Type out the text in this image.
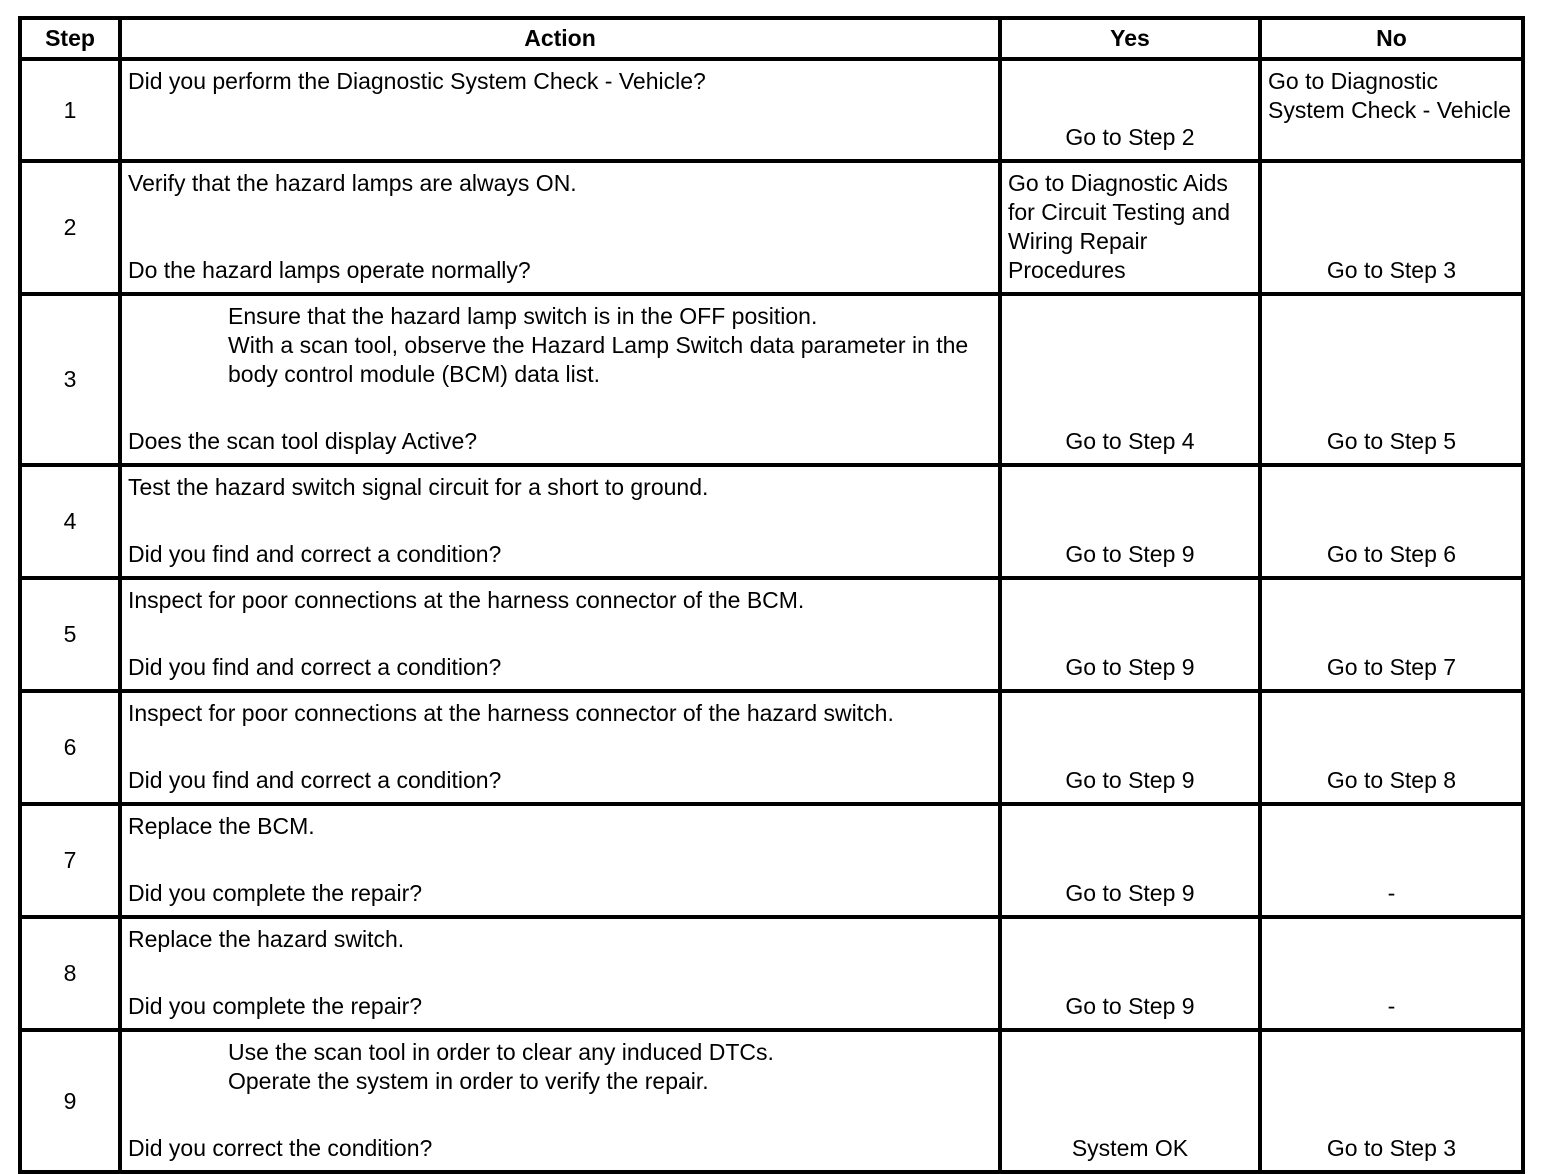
Step	Action	Yes	No
1	Did you perform the Diagnostic System Check - Vehicle?	Go to Step 2	Go to Diagnostic System Check - Vehicle

2	Verify that the hazard lamps are always ON.
Do the hazard lamps operate normally?	Go to Diagnostic Aids for Circuit Testing and Wiring Repair Procedures	Go to Step 3

3	Ensure that the hazard lamp switch is in the OFF position.
With a scan tool, observe the Hazard Lamp Switch data parameter in the body control module (BCM) data list.
Does the scan tool display Active?	Go to Step 4	Go to Step 5

4	Test the hazard switch signal circuit for a short to ground.
Did you find and correct a condition?	Go to Step 9	Go to Step 6

5	Inspect for poor connections at the harness connector of the BCM.
Did you find and correct a condition?	Go to Step 9	Go to Step 7

6	Inspect for poor connections at the harness connector of the hazard switch.
Did you find and correct a condition?	Go to Step 9	Go to Step 8

7	Replace the BCM.
Did you complete the repair?	Go to Step 9	-

8	Replace the hazard switch.
Did you complete the repair?	Go to Step 9	-

9	Use the scan tool in order to clear any induced DTCs.
Operate the system in order to verify the repair.
Did you correct the condition?	System OK	Go to Step 3
